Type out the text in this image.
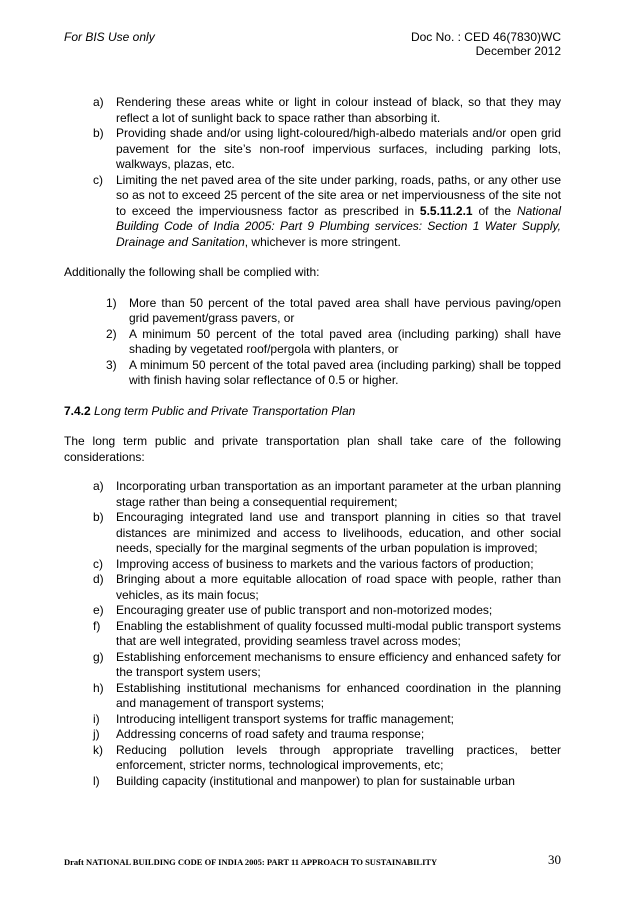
For BIS Use only	Doc No. : CED 46(7830)WC
December 2012
a) Rendering these areas white or light in colour instead of black, so that they may reflect a lot of sunlight back to space rather than absorbing it.
b) Providing shade and/or using light-coloured/high-albedo materials and/or open grid pavement for the site’s non-roof impervious surfaces, including parking lots, walkways, plazas, etc.
c) Limiting the net paved area of the site under parking, roads, paths, or any other use so as not to exceed 25 percent of the site area or net imperviousness of the site not to exceed the imperviousness factor as prescribed in 5.5.11.2.1 of the National Building Code of India 2005: Part 9 Plumbing services: Section 1 Water Supply, Drainage and Sanitation, whichever is more stringent.

Additionally the following shall be complied with:

1) More than 50 percent of the total paved area shall have pervious paving/open grid pavement/grass pavers, or
2) A minimum 50 percent of the total paved area (including parking) shall have shading by vegetated roof/pergola with planters, or
3) A minimum 50 percent of the total paved area (including parking) shall be topped with finish having solar reflectance of 0.5 or higher.

7.4.2 Long term Public and Private Transportation Plan

The long term public and private transportation plan shall take care of the following considerations:

a) Incorporating urban transportation as an important parameter at the urban planning stage rather than being a consequential requirement;
b) Encouraging integrated land use and transport planning in cities so that travel distances are minimized and access to livelihoods, education, and other social needs, specially for the marginal segments of the urban population is improved;
c) Improving access of business to markets and the various factors of production;
d) Bringing about a more equitable allocation of road space with people, rather than vehicles, as its main focus;
e) Encouraging greater use of public transport and non-motorized modes;
f) Enabling the establishment of quality focussed multi-modal public transport systems that are well integrated, providing seamless travel across modes;
g) Establishing enforcement mechanisms to ensure efficiency and enhanced safety for the transport system users;
h) Establishing institutional mechanisms for enhanced coordination in the planning and management of transport systems;
i) Introducing intelligent transport systems for traffic management;
j) Addressing concerns of road safety and trauma response;
k) Reducing pollution levels through appropriate travelling practices, better enforcement, stricter norms, technological improvements, etc;
l) Building capacity (institutional and manpower) to plan for sustainable urban
Draft NATIONAL BUILDING CODE OF INDIA 2005: PART 11 APPROACH TO SUSTAINABILITY	30
